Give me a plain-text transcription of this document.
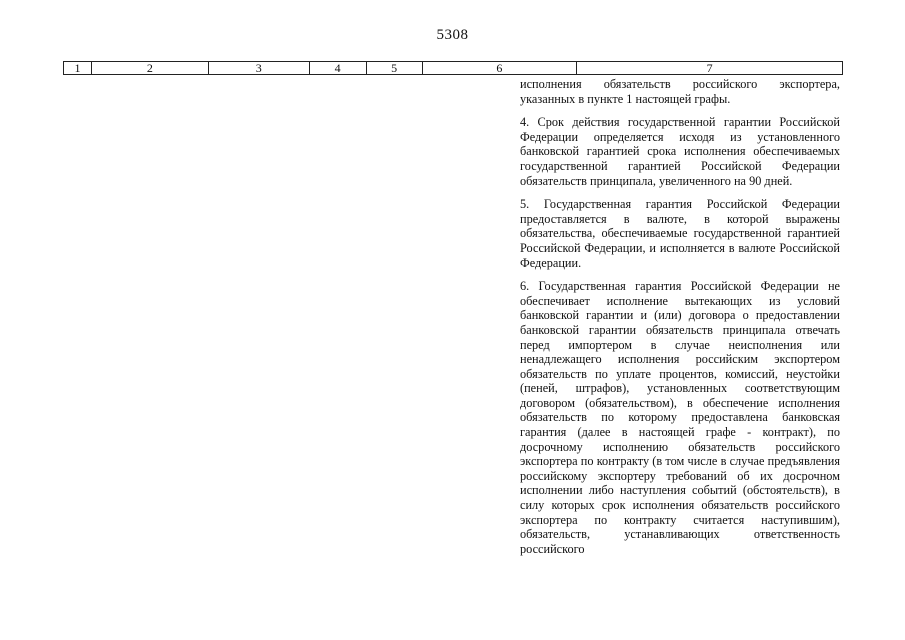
5308
1	2	3	4	5	6	7

исполнения обязательств российского экспортера, указанных в пункте 1 настоящей графы.

4. Срок действия государственной гарантии Российской Федерации определяется исходя из установленного банковской гарантией срока исполнения обеспечиваемых государственной гарантией Российской Федерации обязательств принципала, увеличенного на 90 дней.

5. Государственная гарантия Российской Федерации предоставляется в валюте, в которой выражены обязательства, обеспечиваемые государственной гарантией Российской Федерации, и исполняется в валюте Российской Федерации.

6. Государственная гарантия Российской Федерации не обеспечивает исполнение вытекающих из условий банковской гарантии и (или) договора о предоставлении банковской гарантии обязательств принципала отвечать перед импортером в случае неисполнения или ненадлежащего исполнения российским экспортером обязательств по уплате процентов, комиссий, неустойки (пеней, штрафов), установленных соответствующим договором (обязательством), в обеспечение исполнения обязательств по которому предоставлена банковская гарантия (далее в настоящей графе - контракт), по досрочному исполнению обязательств российского экспортера по контракту (в том числе в случае предъявления российскому экспортеру требований об их досрочном исполнении либо наступления событий (обстоятельств), в силу которых срок исполнения обязательств российского экспортера по контракту считается наступившим), обязательств, устанавливающих ответственность российского
